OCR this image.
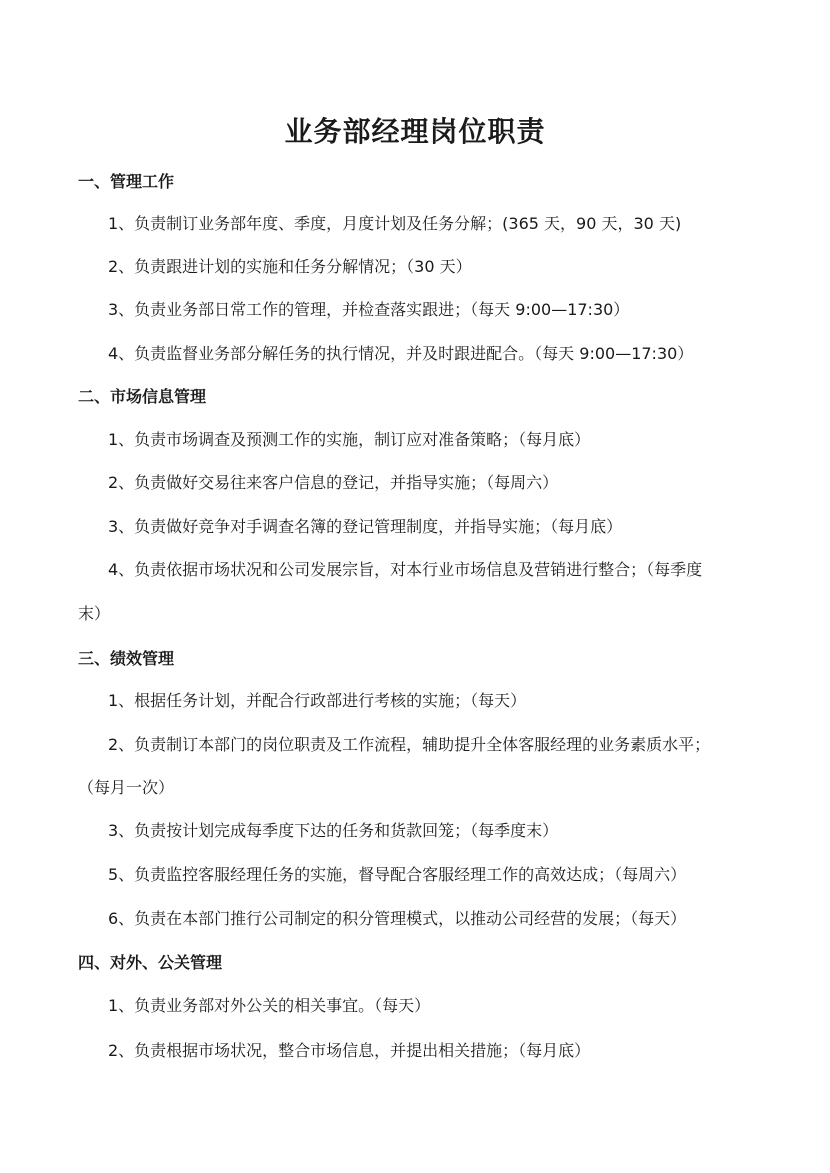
业务部经理岗位职责
一、管理工作
1、负责制订业务部年度、季度，月度计划及任务分解；(365 天，90 天，30 天)
2、负责跟进计划的实施和任务分解情况；（30 天）
3、负责业务部日常工作的管理，并检查落实跟进；（每天 9:00—17:30）
4、负责监督业务部分解任务的执行情况，并及时跟进配合。（每天 9:00—17:30）
二、市场信息管理
1、负责市场调查及预测工作的实施，制订应对准备策略；（每月底）
2、负责做好交易往来客户信息的登记，并指导实施；（每周六）
3、负责做好竞争对手调查名簿的登记管理制度，并指导实施；（每月底）
4、负责依据市场状况和公司发展宗旨，对本行业市场信息及营销进行整合；（每季度
末）
三、绩效管理
1、根据任务计划，并配合行政部进行考核的实施；（每天）
2、负责制订本部门的岗位职责及工作流程，辅助提升全体客服经理的业务素质水平；
（每月一次）
3、负责按计划完成每季度下达的任务和货款回笼；（每季度末）
5、负责监控客服经理任务的实施，督导配合客服经理工作的高效达成；（每周六）
6、负责在本部门推行公司制定的积分管理模式，以推动公司经营的发展；（每天）
四、对外、公关管理
1、负责业务部对外公关的相关事宜。（每天）
2、负责根据市场状况，整合市场信息，并提出相关措施；（每月底）
